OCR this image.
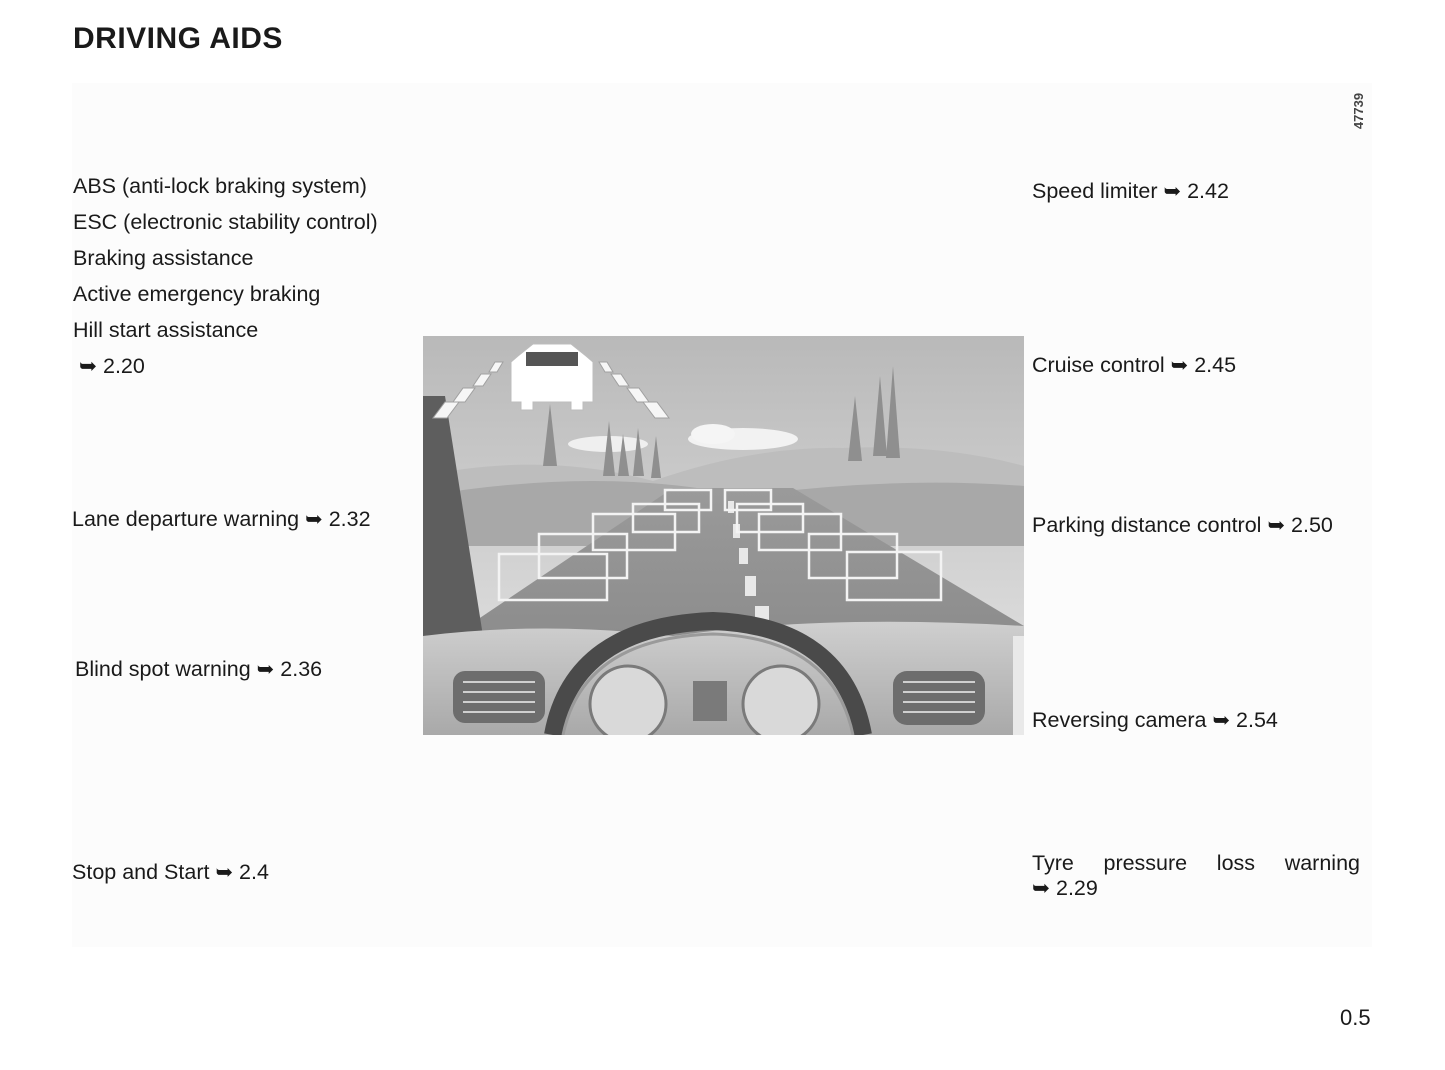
DRIVING AIDS
47739
ABS (anti-lock braking system)
ESC (electronic stability control)
Braking assistance
Active emergency braking
Hill start assistance
➥ 2.20
Lane departure warning ➥ 2.32
Blind spot warning ➥ 2.36
Stop and Start ➥ 2.4
Speed limiter ➥ 2.42
Cruise control ➥ 2.45
Parking distance control ➥ 2.50
Reversing camera ➥ 2.54
Tyre pressure loss warning
➥ 2.29
0.5
